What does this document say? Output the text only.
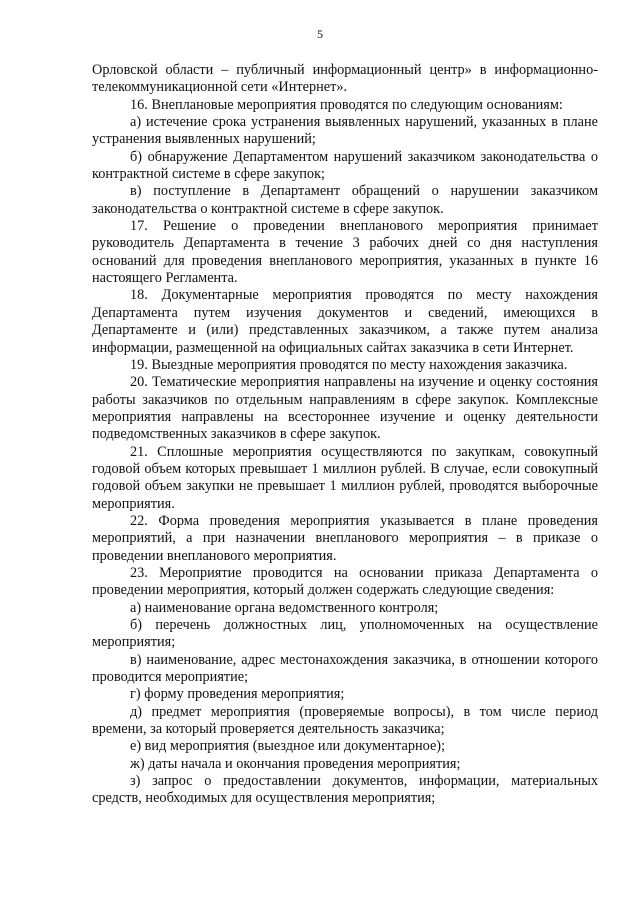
5

Орловской области – публичный информационный центр» в информационно-телекоммуникационной сети «Интернет».

16. Внеплановые мероприятия проводятся по следующим основаниям:

а) истечение срока устранения выявленных нарушений, указанных в плане устранения выявленных нарушений;

б) обнаружение Департаментом нарушений заказчиком законодательства о контрактной системе в сфере закупок;

в) поступление в Департамент обращений о нарушении заказчиком законодательства о контрактной системе в сфере закупок.

17. Решение о проведении внепланового мероприятия принимает руководитель Департамента в течение 3 рабочих дней со дня наступления оснований для проведения внепланового мероприятия, указанных в пункте 16 настоящего Регламента.

18. Документарные мероприятия проводятся по месту нахождения Департамента путем изучения документов и сведений, имеющихся в Департаменте и (или) представленных заказчиком, а также путем анализа информации, размещенной на официальных сайтах заказчика в сети Интернет.

19. Выездные мероприятия проводятся по месту нахождения заказчика.

20. Тематические мероприятия направлены на изучение и оценку состояния работы заказчиков по отдельным направлениям в сфере закупок. Комплексные мероприятия направлены на всестороннее изучение и оценку деятельности подведомственных заказчиков в сфере закупок.

21. Сплошные мероприятия осуществляются по закупкам, совокупный годовой объем которых превышает 1 миллион рублей. В случае, если совокупный годовой объем закупки не превышает 1 миллион рублей, проводятся выборочные мероприятия.

22. Форма проведения мероприятия указывается в плане проведения мероприятий, а при назначении внепланового мероприятия – в приказе о проведении внепланового мероприятия.

23. Мероприятие проводится на основании приказа Департамента о проведении мероприятия, который должен содержать следующие сведения:

а) наименование органа ведомственного контроля;

б) перечень должностных лиц, уполномоченных на осуществление мероприятия;

в) наименование, адрес местонахождения заказчика, в отношении которого проводится мероприятие;

г) форму проведения мероприятия;

д) предмет мероприятия (проверяемые вопросы), в том числе период времени, за который проверяется деятельность заказчика;

е) вид мероприятия (выездное или документарное);

ж) даты начала и окончания проведения мероприятия;

з) запрос о предоставлении документов, информации, материальных средств, необходимых для осуществления мероприятия;
